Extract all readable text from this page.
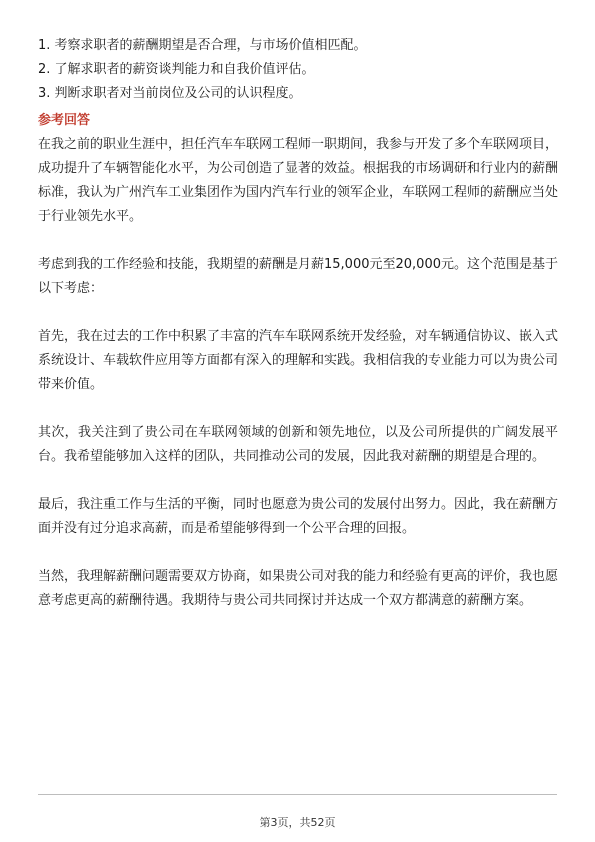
1. 考察求职者的薪酬期望是否合理，与市场价值相匹配。

2. 了解求职者的薪资谈判能力和自我价值评估。

3. 判断求职者对当前岗位及公司的认识程度。

参考回答

在我之前的职业生涯中，担任汽车车联网工程师一职期间，我参与开发了多个车联网项目，成功提升了车辆智能化水平，为公司创造了显著的效益。根据我的市场调研和行业内的薪酬标准，我认为广州汽车工业集团作为国内汽车行业的领军企业，车联网工程师的薪酬应当处于行业领先水平。

考虑到我的工作经验和技能，我期望的薪酬是月薪15,000元至20,000元。这个范围是基于以下考虑：

首先，我在过去的工作中积累了丰富的汽车车联网系统开发经验，对车辆通信协议、嵌入式系统设计、车载软件应用等方面都有深入的理解和实践。我相信我的专业能力可以为贵公司带来价值。

其次，我关注到了贵公司在车联网领域的创新和领先地位，以及公司所提供的广阔发展平台。我希望能够加入这样的团队，共同推动公司的发展，因此我对薪酬的期望是合理的。

最后，我注重工作与生活的平衡，同时也愿意为贵公司的发展付出努力。因此，我在薪酬方面并没有过分追求高薪，而是希望能够得到一个公平合理的回报。

当然，我理解薪酬问题需要双方协商，如果贵公司对我的能力和经验有更高的评价，我也愿意考虑更高的薪酬待遇。我期待与贵公司共同探讨并达成一个双方都满意的薪酬方案。

第3页，共52页
